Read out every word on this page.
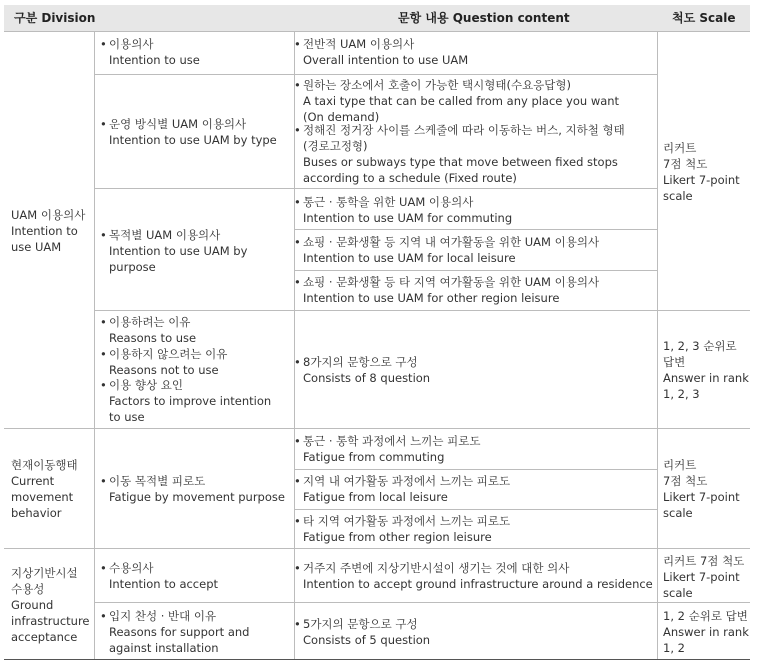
구분 Division	문항 내용 Question content	척도 Scale
UAM 이용의사
Intention to
use UAM
• 이용의사
Intention to use
• 전반적 UAM 이용의사
Overall intention to use UAM
• 운영 방식별 UAM 이용의사
Intention to use UAM by type
• 원하는 장소에서 호출이 가능한 택시형태(수요응답형)
A taxi type that can be called from any place you want
(On demand)
• 정해진 정거장 사이를 스케줄에 따라 이동하는 버스, 지하철 형태
(경로고정형)
Buses or subways type that move between fixed stops
according to a schedule (Fixed route)
리커트
7점 척도
Likert 7-point
scale
• 목적별 UAM 이용의사
Intention to use UAM by
purpose
• 통근 · 통학을 위한 UAM 이용의사
Intention to use UAM for commuting
• 쇼핑 · 문화생활 등 지역 내 여가활동을 위한 UAM 이용의사
Intention to use UAM for local leisure
• 쇼핑 · 문화생활 등 타 지역 여가활동을 위한 UAM 이용의사
Intention to use UAM for other region leisure
• 이용하려는 이유
Reasons to use
• 이용하지 않으려는 이유
Reasons not to use
• 이용 향상 요인
Factors to improve intention
to use
• 8가지의 문항으로 구성
Consists of 8 question
1, 2, 3 순위로
답변
Answer in rank
1, 2, 3
현재이동행태
Current
movement
behavior
• 이동 목적별 피로도
Fatigue by movement purpose
• 통근 · 통학 과정에서 느끼는 피로도
Fatigue from commuting
• 지역 내 여가활동 과정에서 느끼는 피로도
Fatigue from local leisure
• 타 지역 여가활동 과정에서 느끼는 피로도
Fatigue from other region leisure
리커트
7점 척도
Likert 7-point
scale
지상기반시설
수용성
Ground
infrastructure
acceptance
• 수용의사
Intention to accept
• 거주지 주변에 지상기반시설이 생기는 것에 대한 의사
Intention to accept ground infrastructure around a residence
리커트 7점 척도
Likert 7-point
scale
• 입지 찬성 · 반대 이유
Reasons for support and
against installation
• 5가지의 문항으로 구성
Consists of 5 question
1, 2 순위로 답변
Answer in rank
1, 2
